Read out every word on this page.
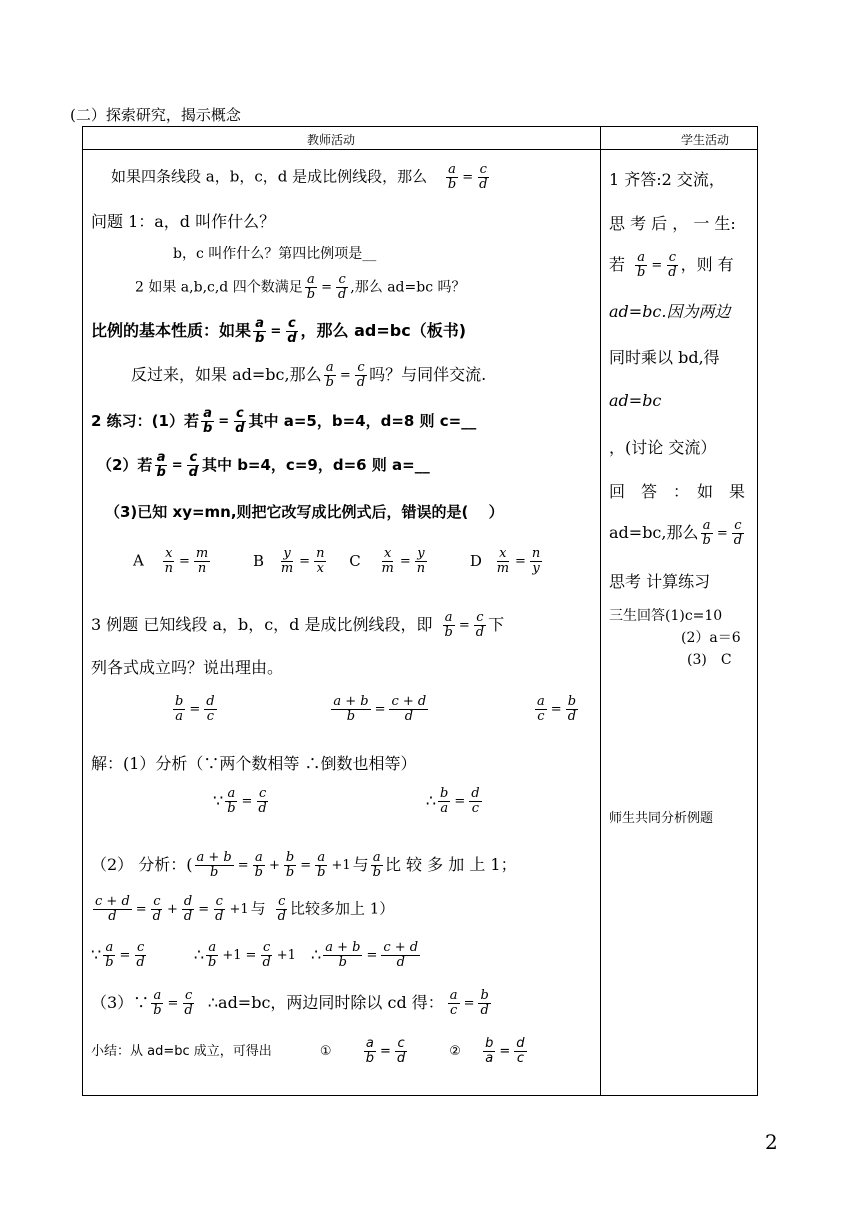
(二）探索研究，揭示概念
教师活动	学生活动
如果四条线段 a，b，c，d 是成比例线段，那么 $\frac{a}{b} = \frac{c}{d}$
问题 1：a，d 叫作什么？
b，c 叫作什么？第四比例项是__
2 如果 a,b,c,d 四个数满足 $\frac{a}{b} = \frac{c}{d}$ ,那么 ad=bc 吗？
比例的基本性质：如果 $\frac{a}{b} = \frac{c}{d}$ ，那么 ad=bc（板书)
反过来，如果 ad=bc,那么 $\frac{a}{b} = \frac{c}{d}$ 吗？与同伴交流.
2 练习：(1）若 $\frac{a}{b} = \frac{c}{d}$ 其中 a=5，b=4，d=8 则 c=__
（2）若 $\frac{a}{b} = \frac{c}{d}$ 其中 b=4，c=9，d=6 则 a=__
（3)已知 xy=mn,则把它改写成比例式后，错误的是(　 ）
A $\frac{x}{n} = \frac{m}{n}$	B $\frac{y}{m} = \frac{n}{x}$ C $\frac{x}{m} = \frac{y}{n}$	D $\frac{x}{m} = \frac{n}{y}$
3 例题 已知线段 a，b，c，d 是成比例线段，即 $\frac{a}{b} = \frac{c}{d}$ 下
列各式成立吗？说出理由。
$\frac{b}{a} = \frac{d}{c}$
	$\frac{a + b}{b} = \frac{c + d}{d}$
	$\frac{a}{c} = \frac{b}{d}$
解：(1）分析（∵两个数相等 ∴倒数也相等）
∵ $\frac{a}{b} = \frac{c}{d}$	∴ $\frac{b}{a} = \frac{d}{c}$
（2） 分析：( $\frac{a + b}{b} = \frac{a}{b} + \frac{b}{b} = \frac{a}{b} +1$ 与 $\frac{a}{b}$ 比 较 多 加 上 1；
$\frac{c + d}{d} = \frac{c}{d} + \frac{d}{d} = \frac{c}{d} +1$ 与 $\frac{c}{d}$ 比较多加上 1）
∵ $\frac{a}{b} = \frac{c}{d}$	∴ $\frac{a}{b} +1 = \frac{c}{d} +1$ ∴ $\frac{a + b}{b} = \frac{c + d}{d}$
（3）∵ $\frac{a}{b} = \frac{c}{d}$ ∴ad=bc，两边同时除以 cd 得： $\frac{a}{c} = \frac{b}{d}$
小结：从 ad=bc 成立，可得出	① $\frac{a}{b} = \frac{c}{d}$	② $\frac{b}{a} = \frac{d}{c}$
1 齐答:2 交流，
思 考 后 ， 一 生:
若 $\frac{a}{b} = \frac{c}{d}$ ，则 有
ad=bc.因为两边
同时乘以 bd,得
ad=bc
，(讨论 交流）
回　答　：　如　果
ad=bc,那么 $\frac{a}{b} = \frac{c}{d}$
思考 计算练习
三生回答(1)c=10
(2）a＝6
(3)　C
师生共同分析例题
2
